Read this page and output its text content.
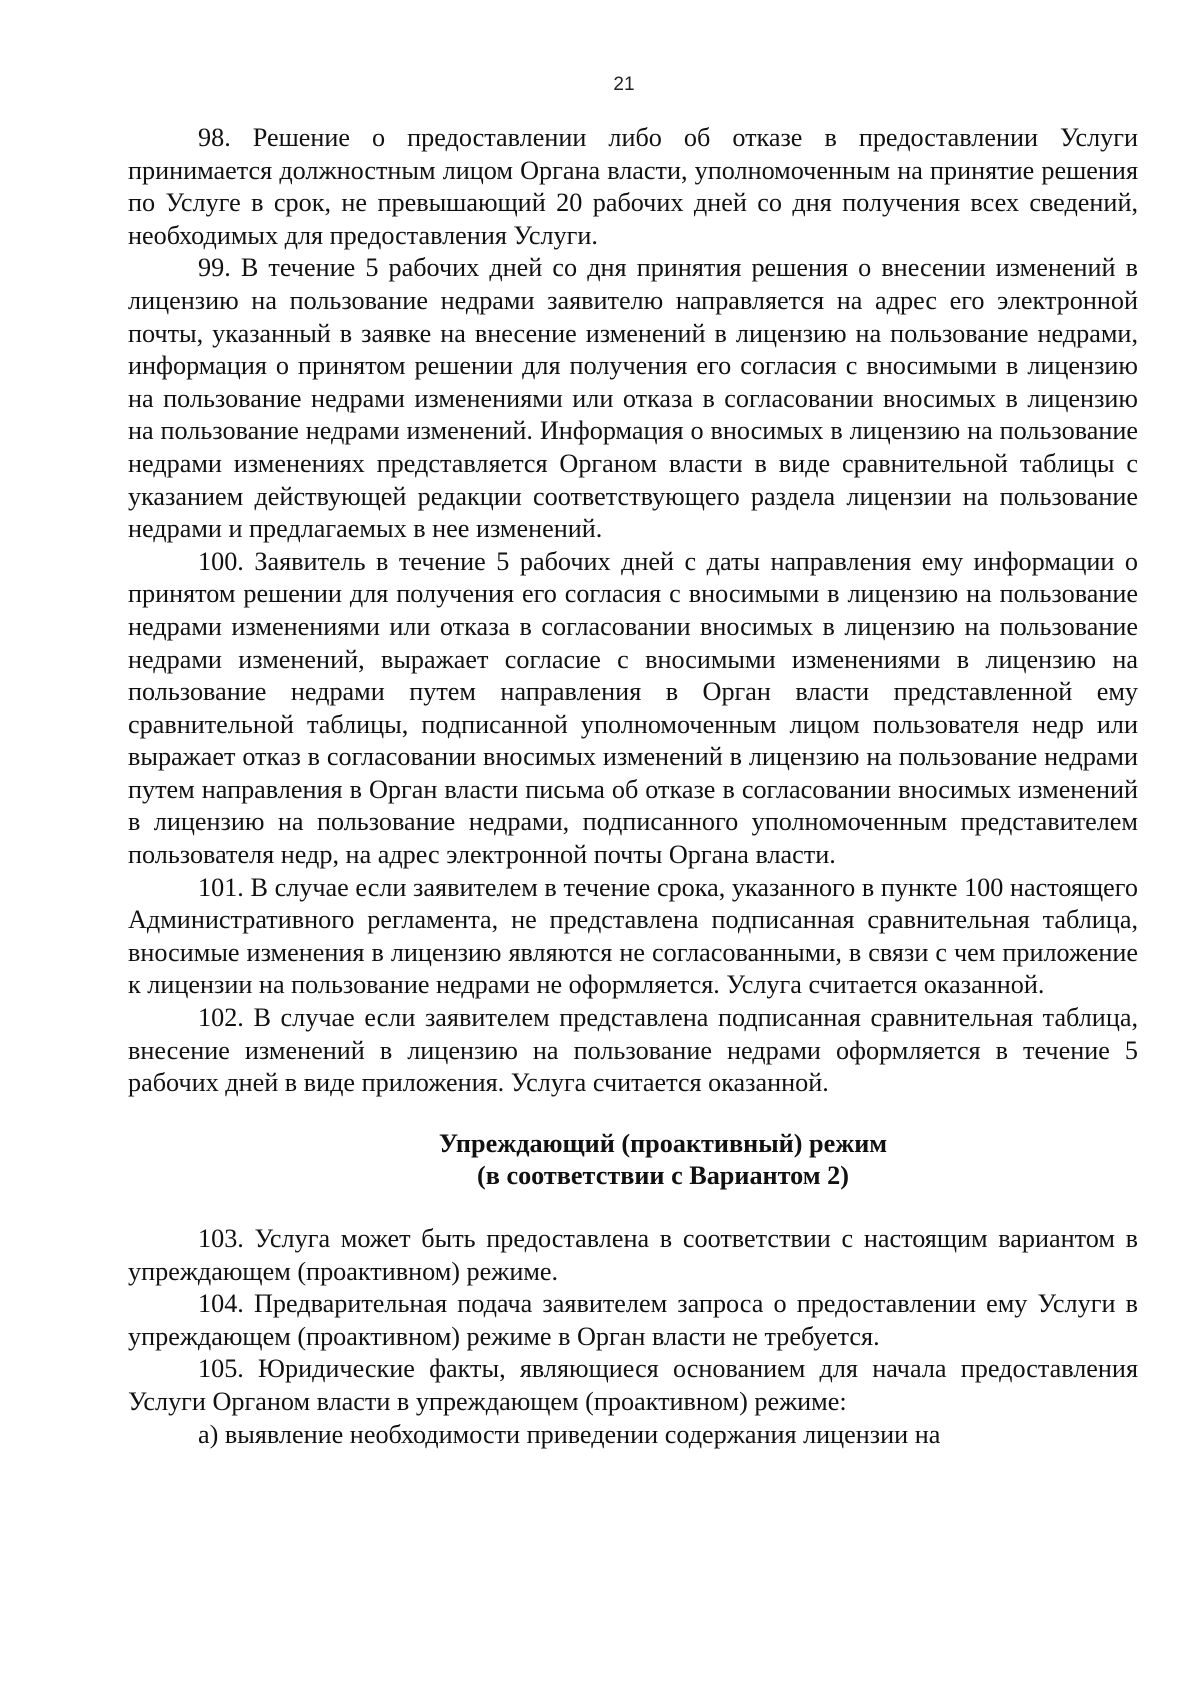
21

98. Решение о предоставлении либо об отказе в предоставлении Услуги принимается должностным лицом Органа власти, уполномоченным на принятие решения по Услуге в срок, не превышающий 20 рабочих дней со дня получения всех сведений, необходимых для предоставления Услуги.

99. В течение 5 рабочих дней со дня принятия решения о внесении изменений в лицензию на пользование недрами заявителю направляется на адрес его электронной почты, указанный в заявке на внесение изменений в лицензию на пользование недрами, информация о принятом решении для получения его согласия с вносимыми в лицензию на пользование недрами изменениями или отказа в согласовании вносимых в лицензию на пользование недрами изменений. Информация о вносимых в лицензию на пользование недрами изменениях представляется Органом власти в виде сравнительной таблицы с указанием действующей редакции соответствующего раздела лицензии на пользование недрами и предлагаемых в нее изменений.

100. Заявитель в течение 5 рабочих дней с даты направления ему информации о принятом решении для получения его согласия с вносимыми в лицензию на пользование недрами изменениями или отказа в согласовании вносимых в лицензию на пользование недрами изменений, выражает согласие с вносимыми изменениями в лицензию на пользование недрами путем направления в Орган власти представленной ему сравнительной таблицы, подписанной уполномоченным лицом пользователя недр или выражает отказ в согласовании вносимых изменений в лицензию на пользование недрами путем направления в Орган власти письма об отказе в согласовании вносимых изменений в лицензию на пользование недрами, подписанного уполномоченным представителем пользователя недр, на адрес электронной почты Органа власти.

101. В случае если заявителем в течение срока, указанного в пункте 100 настоящего Административного регламента, не представлена подписанная сравнительная таблица, вносимые изменения в лицензию являются не согласованными, в связи с чем приложение к лицензии на пользование недрами не оформляется. Услуга считается оказанной.

102. В случае если заявителем представлена подписанная сравнительная таблица, внесение изменений в лицензию на пользование недрами оформляется в течение 5 рабочих дней в виде приложения. Услуга считается оказанной.

Упреждающий (проактивный) режим
(в соответствии с Вариантом 2)

103. Услуга может быть предоставлена в соответствии с настоящим вариантом в упреждающем (проактивном) режиме.

104. Предварительная подача заявителем запроса о предоставлении ему Услуги в упреждающем (проактивном) режиме в Орган власти не требуется.

105. Юридические факты, являющиеся основанием для начала предоставления Услуги Органом власти в упреждающем (проактивном) режиме:

а) выявление необходимости приведении содержания лицензии на
